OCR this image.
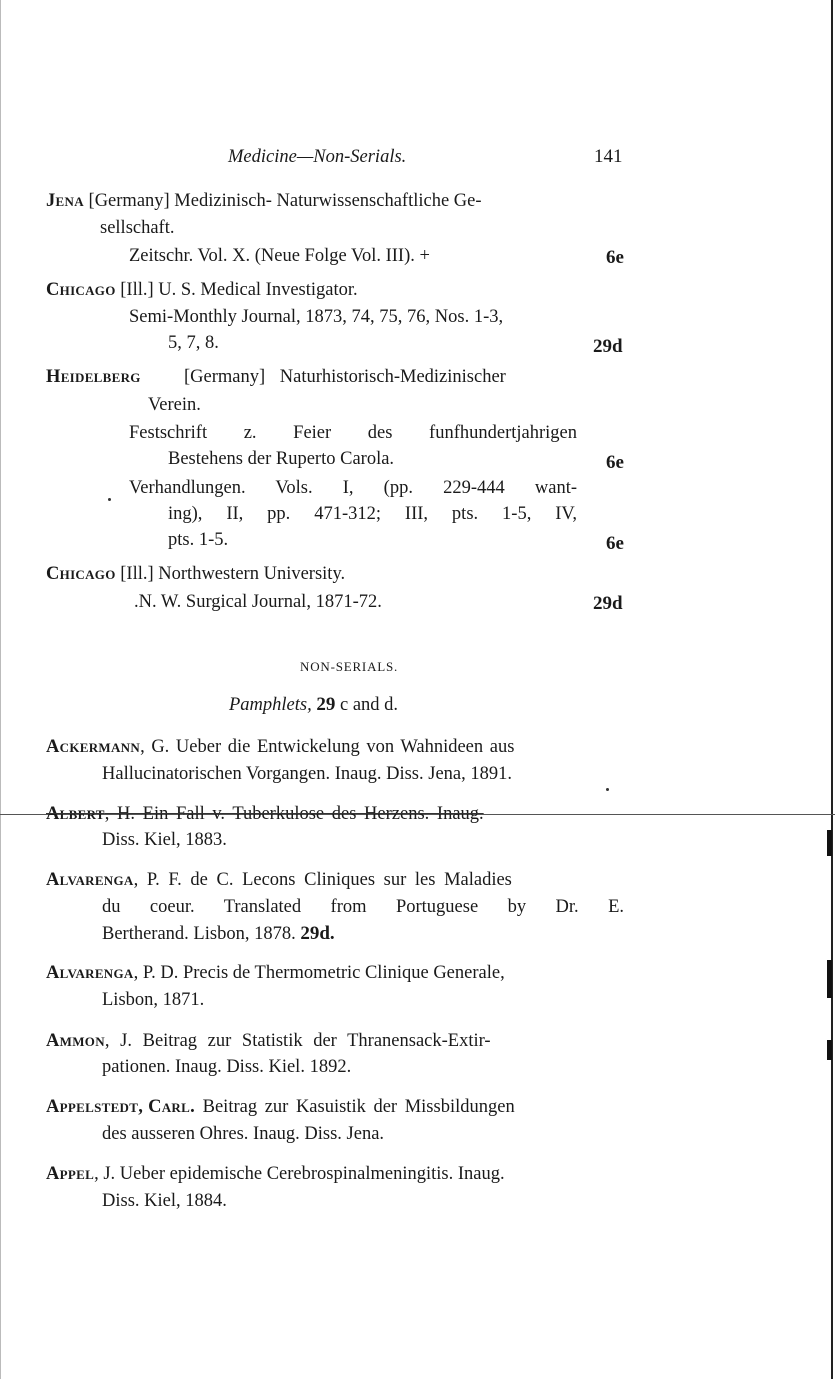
Medicine—Non-Serials.	141
Jena [Germany] Medizinisch- Naturwissenschaftliche Ge-
sellschaft.
Zeitschr. Vol. X. (Neue Folge Vol. III). +	6e
Chicago [Ill.] U. S. Medical Investigator.
Semi-Monthly Journal, 1873, 74, 75, 76, Nos. 1-3,
5, 7, 8.	29d
Heidelberg [Germany] Naturhistorisch-Medizinischer
Verein.
Festschrift z. Feier des funfhundertjahrigen
Bestehens der Ruperto Carola.	6e
Verhandlungen. Vols. I, (pp. 229-444 want-
ing), II, pp. 471-312; III, pts. 1-5, IV,
pts. 1-5.	6e
Chicago [Ill.] Northwestern University.
.N. W. Surgical Journal, 1871-72.	29d
NON-SERIALS.
Pamphlets, 29 c and d.
Ackermann, G. Ueber die Entwickelung von Wahnideen aus
Hallucinatorischen Vorgangen. Inaug. Diss. Jena, 1891.
Albert, H. Ein Fall v. Tuberkulose des Herzens. Inaug.
Diss. Kiel, 1883.
Alvarenga, P. F. de C. Lecons Cliniques sur les Maladies
du coeur. Translated from Portuguese by Dr. E.
Bertherand. Lisbon, 1878. 29d.
Alvarenga, P. D. Precis de Thermometric Clinique Generale,
Lisbon, 1871.
Ammon, J. Beitrag zur Statistik der Thranensack-Extir-
pationen. Inaug. Diss. Kiel. 1892.
Appelstedt, Carl. Beitrag zur Kasuistik der Missbildungen
des ausseren Ohres. Inaug. Diss. Jena.
Appel, J. Ueber epidemische Cerebrospinalmeningitis. Inaug.
Diss. Kiel, 1884.
